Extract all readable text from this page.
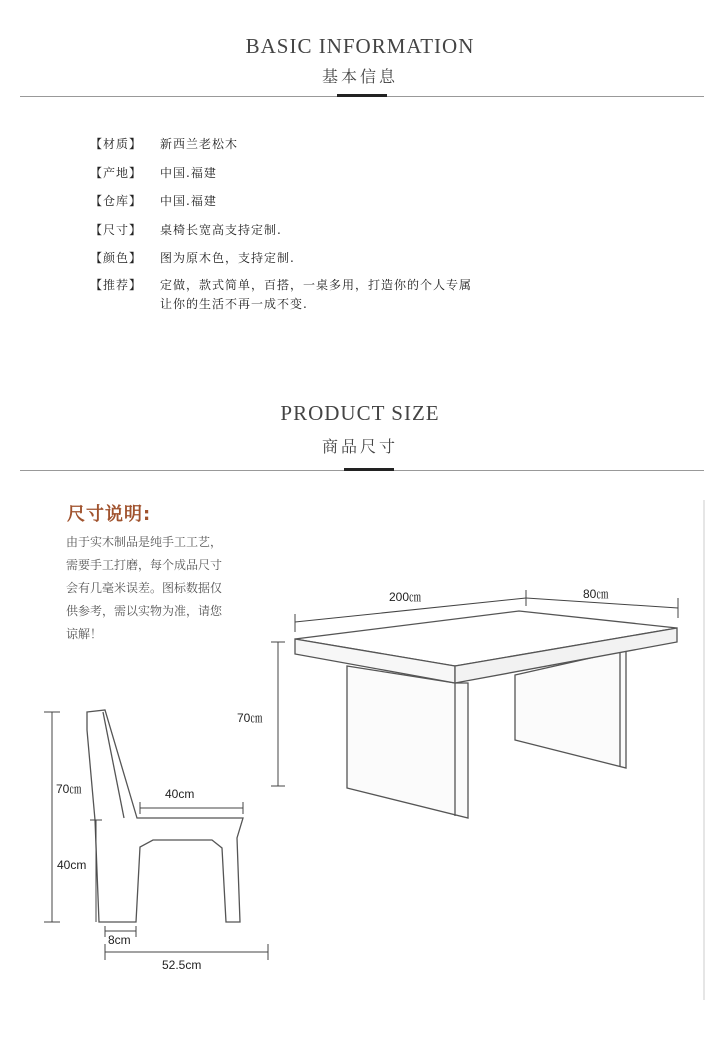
BASIC INFORMATION
基本信息
【材质】 新西兰老松木
【产地】 中国.福建
【仓库】 中国.福建
【尺寸】 桌椅长宽高支持定制.
【颜色】 图为原木色，支持定制.
【推荐】 定做，款式简单，百搭，一桌多用，打造你的个人专属
让你的生活不再一成不变.
PRODUCT SIZE
商品尺寸
尺寸说明:
由于实木制品是纯手工工艺，
需要手工打磨，每个成品尺寸
会有几毫米误差。图标数据仅
供参考，需以实物为准，请您
谅解！
200㎝	80㎝
70㎝
70㎝	40cm
40cm
8cm
52.5cm
